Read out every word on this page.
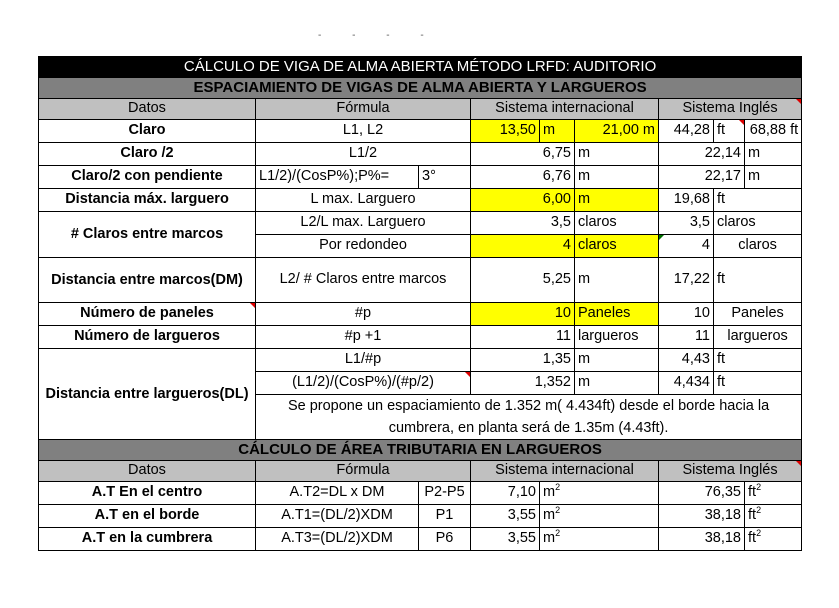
- - - -
CÁLCULO DE VIGA DE ALMA ABIERTA MÉTODO LRFD: AUDITORIO								
ESPACIAMIENTO DE VIGAS DE ALMA ABIERTA Y LARGUEROS								
Datos	Fórmula		Sistema internacional			Sistema Inglés		
Claro	L1, L2		13,50	m	21,00 m	44,28	ft	68,88 ft
Claro /2	L1/2		6,75		m	22,14		m
Claro/2 con pendiente	L1/2)/(CosP%);P%=	3°	6,76		m	22,17		m
Distancia máx. larguero	L max. Larguero		6,00		m	19,68	ft	
# Claros entre marcos	L2/L max. Larguero		3,5		claros	3,5	claros	
	Por redondeo		4		claros	4	claros	
Distancia entre marcos(DM)	L2/ # Claros entre marcos		5,25		m	17,22	ft	
Número de paneles	#p		10		Paneles	10	Paneles	
Número de largueros	#p +1		11		largueros	11	largueros	
Distancia entre largueros(DL)	L1/#p		1,35		m	4,43	ft	
	(L1/2)/(CosP%)/(#p/2)		1,352		m	4,434	ft	
	Se propone un espaciamiento de 1.352 m( 4.434ft) desde el borde hacia la cumbrera, en planta será de 1.35m (4.43ft).							

CÁLCULO DE ÁREA TRIBUTARIA EN LARGUEROS								
Datos	Fórmula		Sistema internacional			Sistema Inglés		
A.T En el centro	A.T2=DL x DM	P2-P5	7,10	$m^2$		76,35		$ft^2$
A.T en el borde	A.T1=(DL/2)XDM	P1	3,55	$m^2$		38,18		$ft^2$
A.T en la cumbrera	A.T3=(DL/2)XDM	P6	3,55	$m^2$		38,18		$ft^2$
